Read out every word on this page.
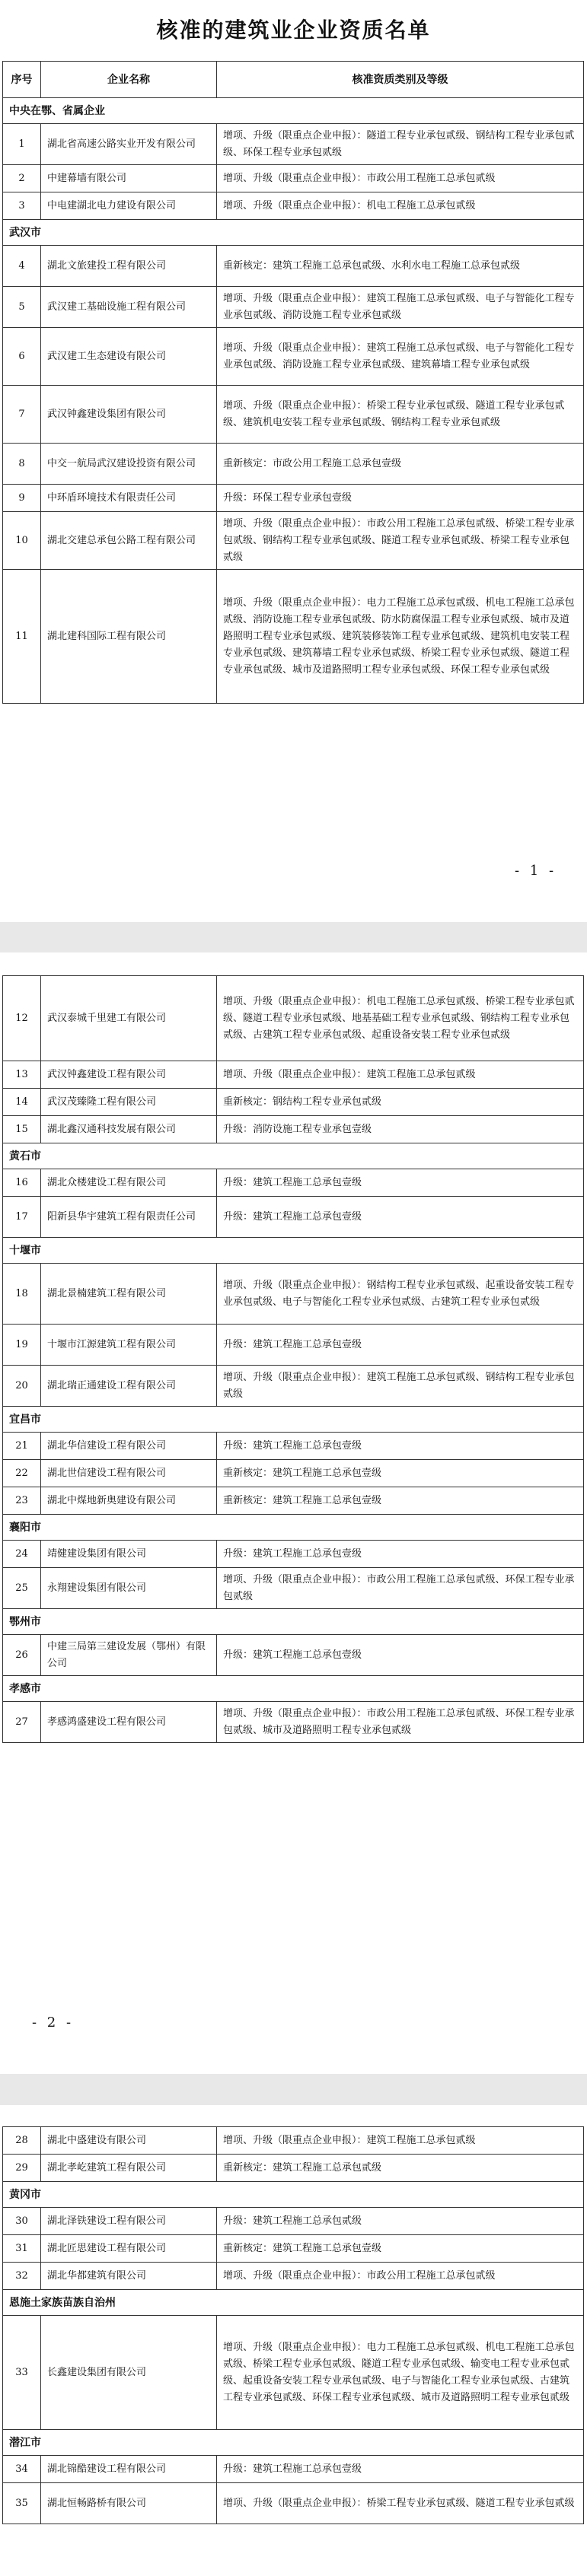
核准的建筑业企业资质名单
序号	企业名称	核准资质类别及等级
中央在鄂、省属企业		
1	湖北省高速公路实业开发有限公司	增项、升级（限重点企业申报）：隧道工程专业承包贰级、钢结构工程专业承包贰级、环保工程专业承包贰级
2	中建幕墙有限公司	增项、升级（限重点企业申报）：市政公用工程施工总承包贰级
3	中电建湖北电力建设有限公司	增项、升级（限重点企业申报）：机电工程施工总承包贰级
武汉市		
4	湖北文旅建投工程有限公司	重新核定：建筑工程施工总承包贰级、水利水电工程施工总承包贰级
5	武汉建工基础设施工程有限公司	增项、升级（限重点企业申报）：建筑工程施工总承包贰级、电子与智能化工程专业承包贰级、消防设施工程专业承包贰级
6	武汉建工生态建设有限公司	增项、升级（限重点企业申报）：建筑工程施工总承包贰级、电子与智能化工程专业承包贰级、消防设施工程专业承包贰级、建筑幕墙工程专业承包贰级
7	武汉钟鑫建设集团有限公司	增项、升级（限重点企业申报）：桥梁工程专业承包贰级、隧道工程专业承包贰级、建筑机电安装工程专业承包贰级、钢结构工程专业承包贰级
8	中交一航局武汉建设投资有限公司	重新核定：市政公用工程施工总承包壹级
9	中环盾环境技术有限责任公司	升级：环保工程专业承包壹级
10	湖北交建总承包公路工程有限公司	增项、升级（限重点企业申报）：市政公用工程施工总承包贰级、桥梁工程专业承包贰级、钢结构工程专业承包贰级、隧道工程专业承包贰级、桥梁工程专业承包贰级
11	湖北建科国际工程有限公司	增项、升级（限重点企业申报）：电力工程施工总承包贰级、机电工程施工总承包贰级、消防设施工程专业承包贰级、防水防腐保温工程专业承包贰级、城市及道路照明工程专业承包贰级、建筑装修装饰工程专业承包贰级、建筑机电安装工程专业承包贰级、建筑幕墙工程专业承包贰级、桥梁工程专业承包贰级、隧道工程专业承包贰级、城市及道路照明工程专业承包贰级、环保工程专业承包贰级
- 1 -
12	武汉泰城千里建工有限公司	增项、升级（限重点企业申报）：机电工程施工总承包贰级、桥梁工程专业承包贰级、隧道工程专业承包贰级、地基基础工程专业承包贰级、钢结构工程专业承包贰级、古建筑工程专业承包贰级、起重设备安装工程专业承包贰级
13	武汉钟鑫建设工程有限公司	增项、升级（限重点企业申报）：建筑工程施工总承包贰级
14	武汉茂臻隆工程有限公司	重新核定：钢结构工程专业承包贰级
15	湖北鑫汉通科技发展有限公司	升级：消防设施工程专业承包壹级
黄石市		
16	湖北众楼建设工程有限公司	升级：建筑工程施工总承包壹级
17	阳新县华宇建筑工程有限责任公司	升级：建筑工程施工总承包壹级
十堰市		
18	湖北景楠建筑工程有限公司	增项、升级（限重点企业申报）：钢结构工程专业承包贰级、起重设备安装工程专业承包贰级、电子与智能化工程专业承包贰级、古建筑工程专业承包贰级
19	十堰市江源建筑工程有限公司	升级：建筑工程施工总承包壹级
20	湖北瑞正通建设工程有限公司	增项、升级（限重点企业申报）：建筑工程施工总承包贰级、钢结构工程专业承包贰级
宜昌市		
21	湖北华信建设工程有限公司	升级：建筑工程施工总承包壹级
22	湖北世信建设工程有限公司	重新核定：建筑工程施工总承包壹级
23	湖北中煤地新奥建设有限公司	重新核定：建筑工程施工总承包壹级
襄阳市		
24	靖健建设集团有限公司	升级：建筑工程施工总承包壹级
25	永翔建设集团有限公司	增项、升级（限重点企业申报）：市政公用工程施工总承包贰级、环保工程专业承包贰级
鄂州市		
26	中建三局第三建设发展（鄂州）有限公司	升级：建筑工程施工总承包壹级
孝感市		
27	孝感鸿盛建设工程有限公司	增项、升级（限重点企业申报）：市政公用工程施工总承包贰级、环保工程专业承包贰级、城市及道路照明工程专业承包贰级
- 2 -
28	湖北中盛建设有限公司	增项、升级（限重点企业申报）：建筑工程施工总承包贰级
29	湖北孝屹建筑工程有限公司	重新核定：建筑工程施工总承包贰级
黄冈市		
30	湖北泽铁建设工程有限公司	升级：建筑工程施工总承包贰级
31	湖北匠思建设工程有限公司	重新核定：建筑工程施工总承包壹级
32	湖北华都建筑有限公司	增项、升级（限重点企业申报）：市政公用工程施工总承包贰级
恩施土家族苗族自治州		
33	长鑫建设集团有限公司	增项、升级（限重点企业申报）：电力工程施工总承包贰级、机电工程施工总承包贰级、桥梁工程专业承包贰级、隧道工程专业承包贰级、输变电工程专业承包贰级、起重设备安装工程专业承包贰级、电子与智能化工程专业承包贰级、古建筑工程专业承包贰级、环保工程专业承包贰级、城市及道路照明工程专业承包贰级
潜江市		
34	湖北锦酷建设工程有限公司	升级：建筑工程施工总承包壹级
35	湖北恒畅路桥有限公司	增项、升级（限重点企业申报）：桥梁工程专业承包贰级、隧道工程专业承包贰级
